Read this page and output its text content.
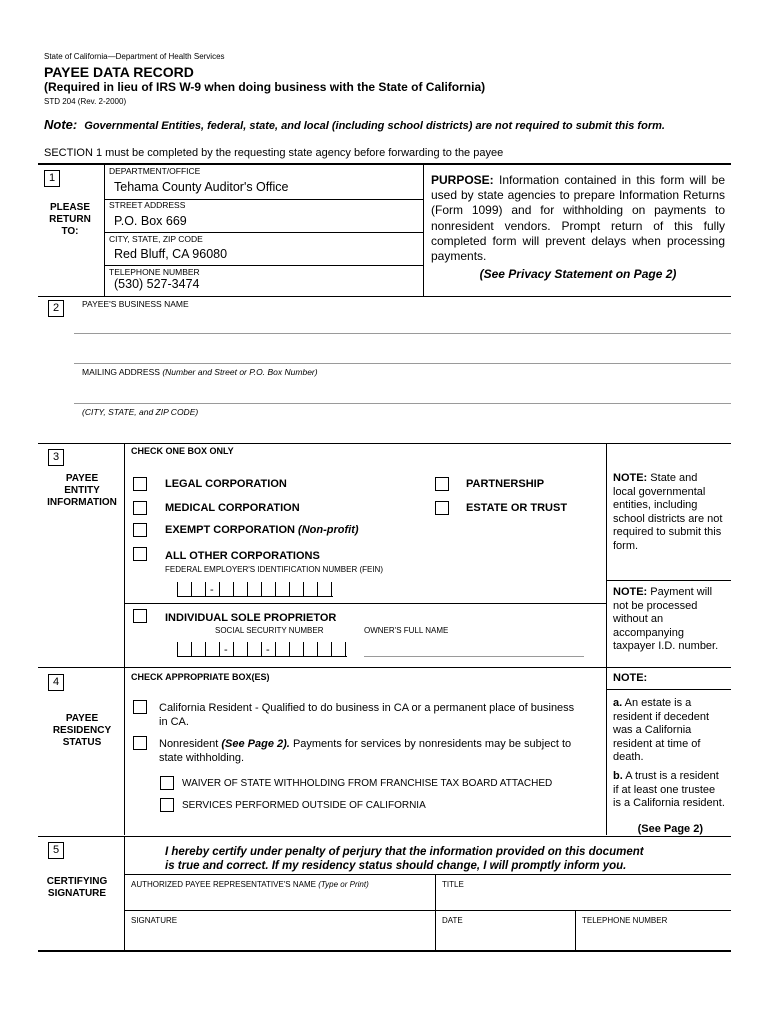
State of California—Department of Health Services
PAYEE DATA RECORD
(Required in lieu of IRS W-9 when doing business with the State of California)
STD 204 (Rev. 2-2000)
Note: Governmental Entities, federal, state, and local (including school districts) are not required to submit this form.
SECTION 1 must be completed by the requesting state agency before forwarding to the payee
1
PLEASE RETURN TO:
DEPARTMENT/OFFICE
Tehama County Auditor's Office
STREET ADDRESS
P.O. Box 669
CITY, STATE, ZIP CODE
Red Bluff, CA 96080
TELEPHONE NUMBER
(530) 527-3474
PURPOSE: Information contained in this form will be used by state agencies to prepare Information Returns (Form 1099) and for withholding on payments to nonresident vendors. Prompt return of this fully completed form will prevent delays when processing payments.
(See Privacy Statement on Page 2)
2	PAYEE'S BUSINESS NAME
MAILING ADDRESS (Number and Street or P.O. Box Number)
(CITY, STATE, and ZIP CODE)
3
PAYEE
ENTITY
INFORMATION
CHECK ONE BOX ONLY
LEGAL CORPORATION
MEDICAL CORPORATION
EXEMPT CORPORATION (Non-profit)
ALL OTHER CORPORATIONS
PARTNERSHIP
ESTATE OR TRUST
FEDERAL EMPLOYER'S IDENTIFICATION NUMBER (FEIN)
-
INDIVIDUAL SOLE PROPRIETOR
SOCIAL SECURITY NUMBER	OWNER'S FULL NAME
-	-
NOTE: State and local governmental entities, including school districts are not required to submit this form.
NOTE: Payment will not be processed without an accompanying taxpayer I.D. number.
4
PAYEE
RESIDENCY
STATUS
CHECK APPROPRIATE BOX(ES)
California Resident - Qualified to do business in CA or a permanent place of business in CA.
Nonresident (See Page 2). Payments for services by nonresidents may be subject to state withholding.
WAIVER OF STATE WITHHOLDING FROM FRANCHISE TAX BOARD ATTACHED
SERVICES PERFORMED OUTSIDE OF CALIFORNIA
NOTE:
a. An estate is a resident if decedent was a California resident at time of death.
b. A trust is a resident if at least one trustee is a California resident.
(See Page 2)
5
CERTIFYING
SIGNATURE
I hereby certify under penalty of perjury that the information provided on this document is true and correct. If my residency status should change, I will promptly inform you.
AUTHORIZED PAYEE REPRESENTATIVE'S NAME (Type or Print)	TITLE
SIGNATURE	DATE	TELEPHONE NUMBER
